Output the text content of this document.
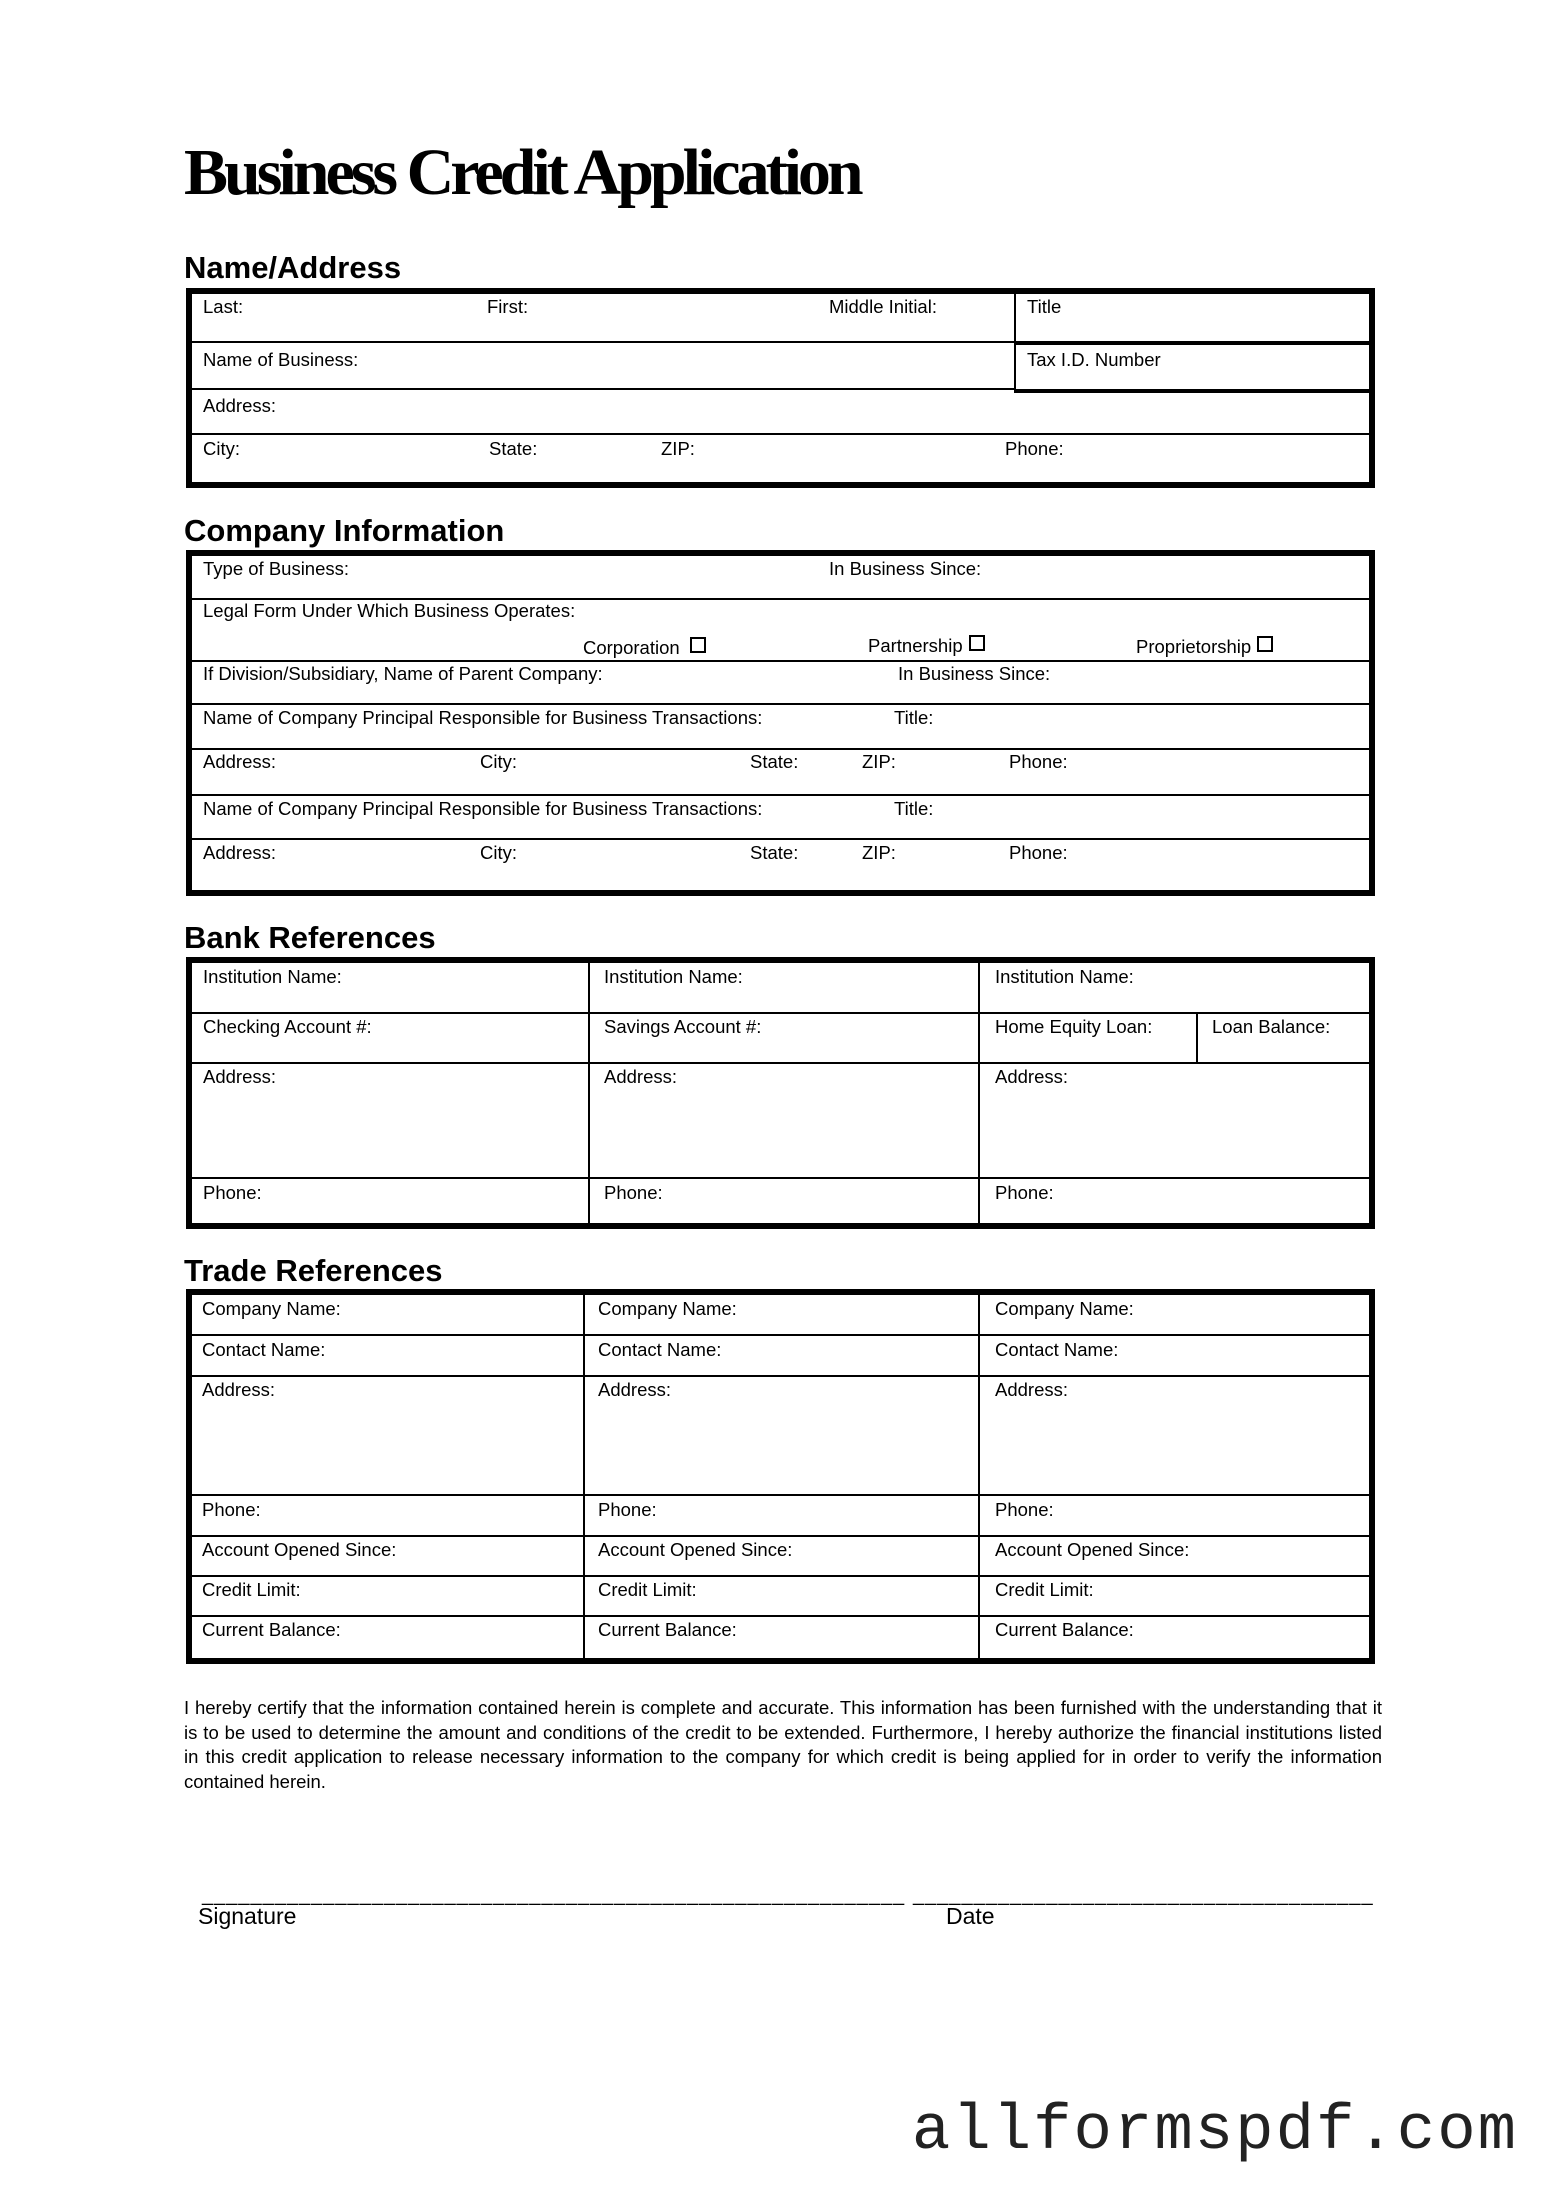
Business Credit Application
Name/Address
Last:	First:	Middle Initial:	Title
Name of Business:	Tax I.D. Number
Address:
City:	State:	ZIP:	Phone:
Company Information
Type of Business:	In Business Since:
Legal Form Under Which Business Operates:
Corporation	Partnership	Proprietorship
If Division/Subsidiary, Name of Parent Company:	In Business Since:
Name of Company Principal Responsible for Business Transactions:	Title:
Address:	City:	State:	ZIP:	Phone:
Name of Company Principal Responsible for Business Transactions:	Title:
Address:	City:	State:	ZIP:	Phone:
Bank References
Institution Name:	Institution Name:	Institution Name:
Checking Account #:	Savings Account #:	Home Equity Loan:	Loan Balance:
Address:	Address:	Address:
Phone:	Phone:	Phone:
Trade References
Company Name:	Company Name:	Company Name:
Contact Name:	Contact Name:	Contact Name:
Address:	Address:	Address:
Phone:	Phone:	Phone:
Account Opened Since:	Account Opened Since:	Account Opened Since:
Credit Limit:	Credit Limit:	Credit Limit:
Current Balance:	Current Balance:	Current Balance:
I hereby certify that the information contained herein is complete and accurate. This information has been furnished with the understanding that it is to be used to determine the amount and conditions of the credit to be extended. Furthermore, I hereby authorize the financial institutions listed in this credit application to release necessary information to the company for which credit is being applied for in order to verify the information contained herein.
__________________________________________________________ ______________________________________
Signature	Date
allformspdf.com
